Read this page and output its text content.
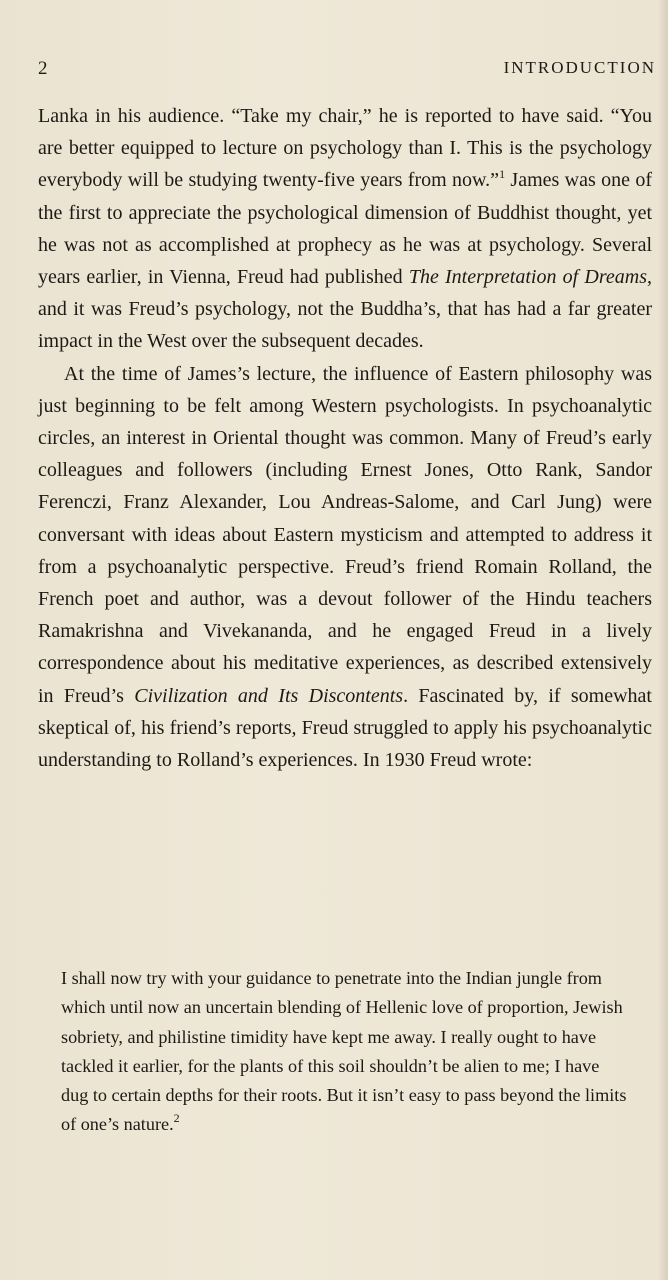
2	INTRODUCTION

Lanka in his audience. “Take my chair,” he is reported to have said. “You are better equipped to lecture on psychology than I. This is the psychology everybody will be studying twenty-five years from now.”$^1$ James was one of the first to appreciate the psychological dimension of Buddhist thought, yet he was not as accomplished at prophecy as he was at psychology. Several years earlier, in Vienna, Freud had published The Interpretation of Dreams, and it was Freud’s psychology, not the Buddha’s, that has had a far greater impact in the West over the subsequent decades.

At the time of James’s lecture, the influence of Eastern philosophy was just beginning to be felt among Western psychologists. In psychoanalytic circles, an interest in Oriental thought was common. Many of Freud’s early colleagues and followers (including Ernest Jones, Otto Rank, Sandor Ferenczi, Franz Alexander, Lou Andreas-Salome, and Carl Jung) were conversant with ideas about Eastern mysticism and attempted to address it from a psychoanalytic perspective. Freud’s friend Romain Rolland, the French poet and author, was a devout follower of the Hindu teachers Ramakrishna and Vivekananda, and he engaged Freud in a lively correspondence about his meditative experiences, as described extensively in Freud’s Civilization and Its Discontents. Fascinated by, if somewhat skeptical of, his friend’s reports, Freud struggled to apply his psychoanalytic understanding to Rolland’s experiences. In 1930 Freud wrote:

I shall now try with your guidance to penetrate into the Indian jungle from which until now an uncertain blending of Hellenic love of proportion, Jewish sobriety, and philistine timidity have kept me away. I really ought to have tackled it earlier, for the plants of this soil shouldn’t be alien to me; I have dug to certain depths for their roots. But it isn’t easy to pass beyond the limits of one’s nature.$^2$
